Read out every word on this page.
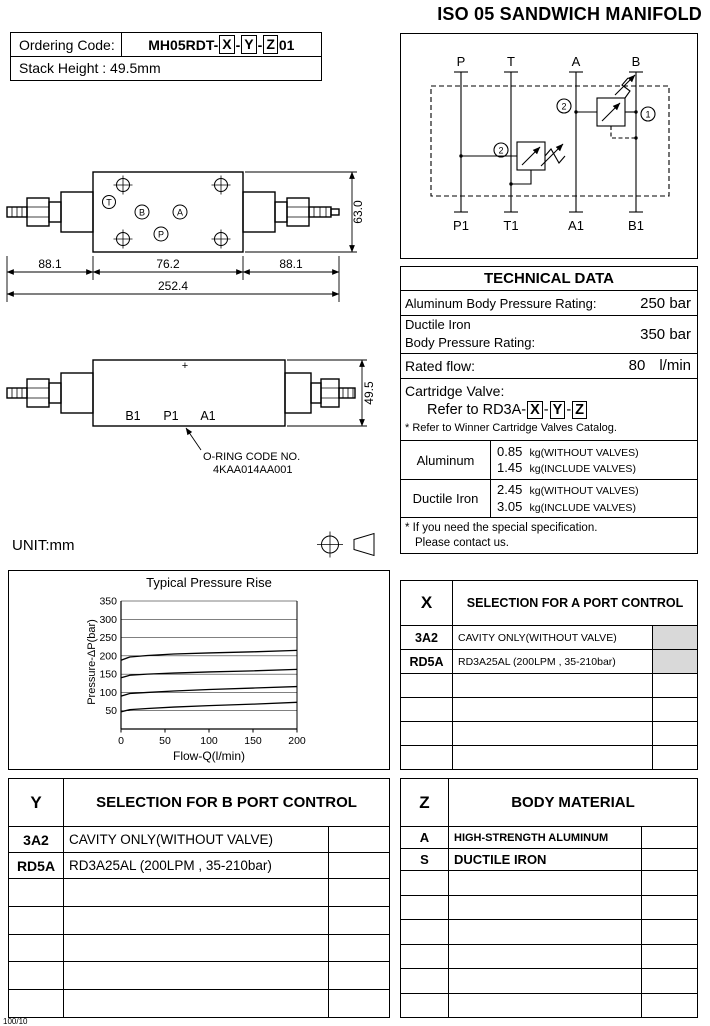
ISO 05 SANDWICH MANIFOLD
Ordering Code:	MH05RDT- X - Y - Z 01
Stack Height : 49.5mm	P	T	A	B
P1	T1	A1	B1
2
1
2
T
B	A
P
88.1	76.2	88.1
252.4
63.0
+
B1 P1 A1
49.5
O-RING CODE NO.
4KAA014AA001
TECHNICAL DATA
Aluminum Body Pressure Rating:	250 bar
Ductile Iron
Body Pressure Rating:	350 bar
Rated flow:	80 l/min
Cartridge Valve:
Refer to RD3A- X - Y - Z
* Refer to Winner Cartridge Valves Catalog.
Aluminum
0.85 kg(WITHOUT VALVES)
1.45 kg(INCLUDE VALVES)
Ductile Iron
2.45 kg(WITHOUT VALVES)
3.05 kg(INCLUDE VALVES)
* If you need the special specification.
Please contact us.
UNIT:mm
Typical Pressure Rise
Pressure-ΔP(bar)
Flow-Q(l/min)
50
100
150
200
250
300
350
0	50	100	150	200
X	SELECTION FOR A PORT CONTROL
3A2	CAVITY ONLY(WITHOUT VALVE)
RD5A	RD3A25AL (200LPM , 35-210bar)
Y	SELECTION FOR B PORT CONTROL
3A2	CAVITY ONLY(WITHOUT VALVE)
RD5A	RD3A25AL (200LPM , 35-210bar)
Z	BODY MATERIAL
A	HIGH-STRENGTH ALUMINUM
S	DUCTILE IRON
100/10
